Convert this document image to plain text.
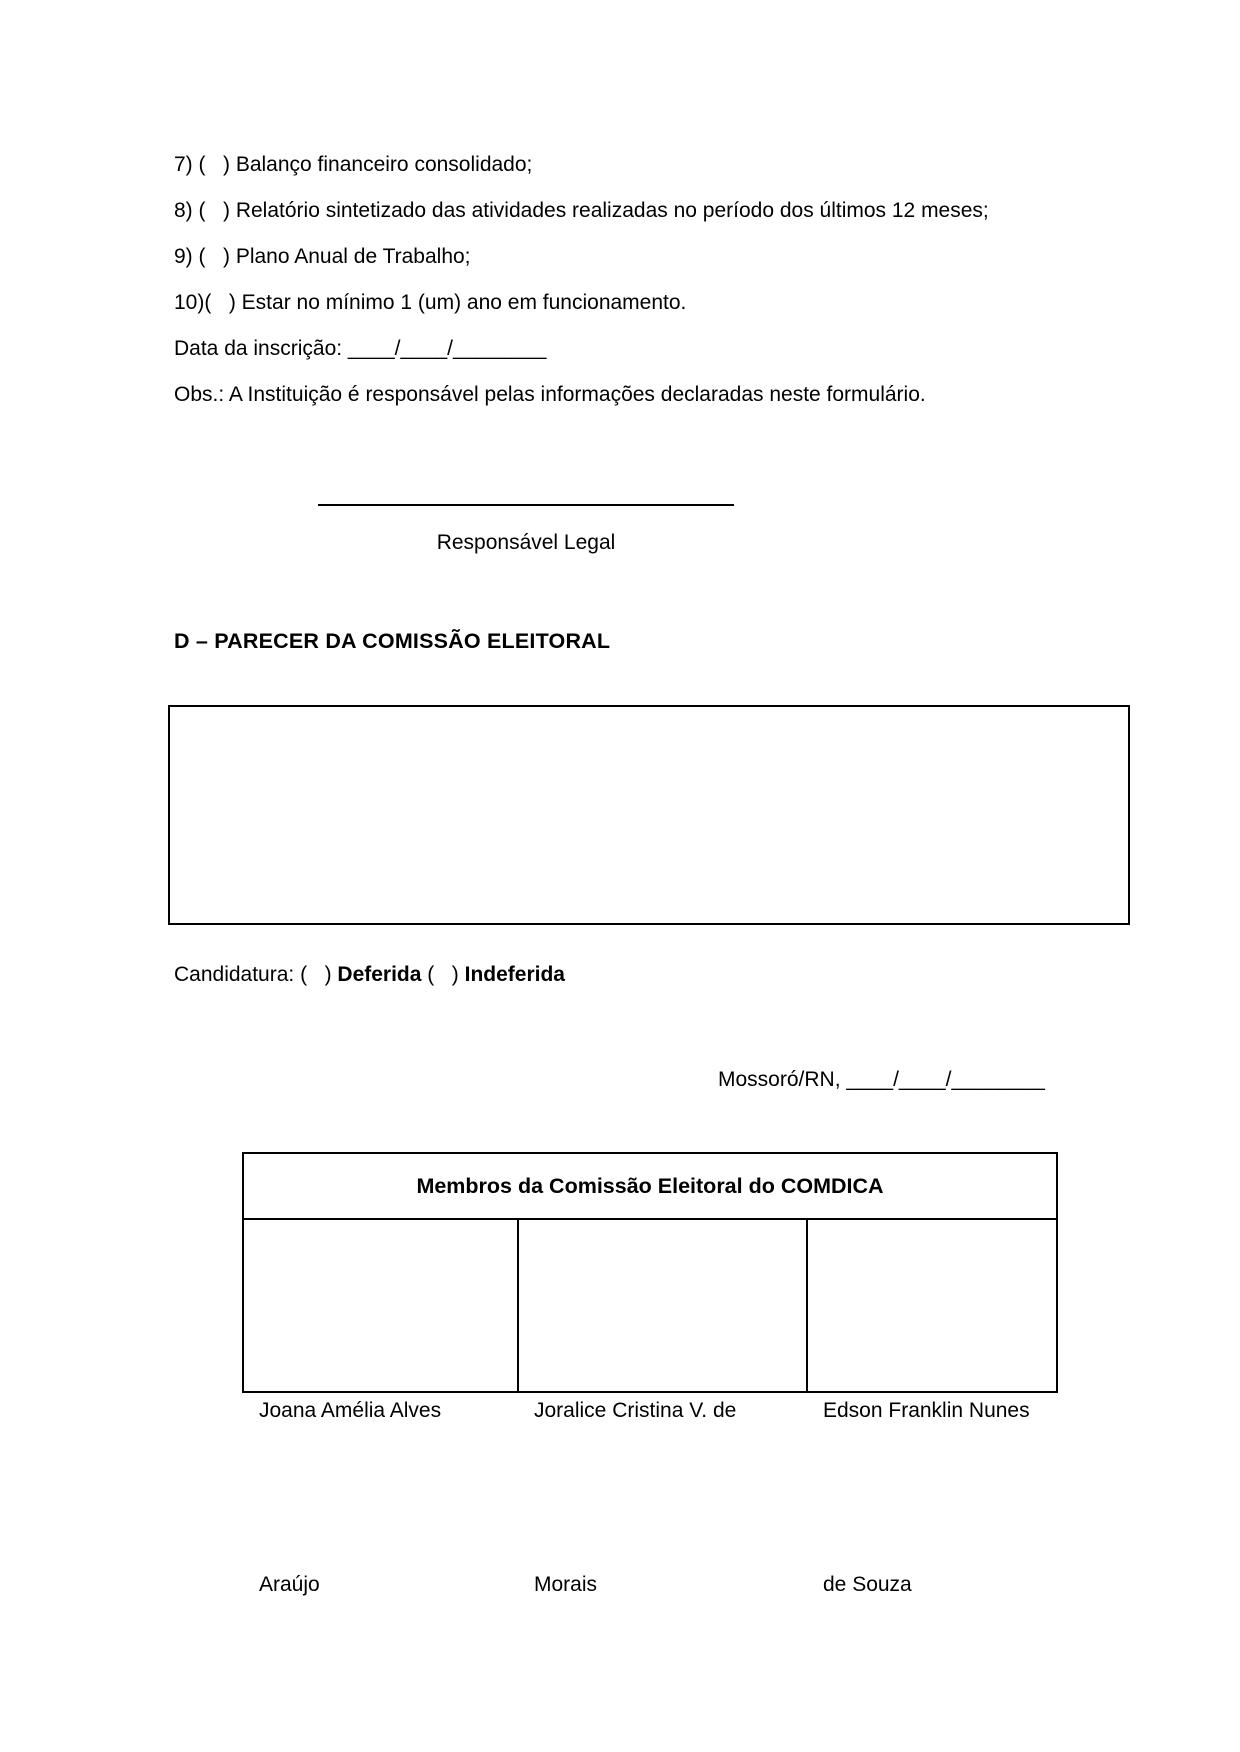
7) (   ) Balanço financeiro consolidado;
8) (   ) Relatório sintetizado das atividades realizadas no período dos últimos 12 meses;
9) (   ) Plano Anual de Trabalho;
10)(   ) Estar no mínimo 1 (um) ano em funcionamento.
Data da inscrição: ____/____/________
Obs.: A Instituição é responsável pelas informações declaradas neste formulário.
Responsável Legal
D – PARECER DA COMISSÃO ELEITORAL
Candidatura: (   ) Deferida (   ) Indeferida
Mossoró/RN, ____/____/________
Membros da Comissão Eleitoral do COMDICA

Joana Amélia Alves

Araújo

Joralice Cristina V. de

Morais

Edson Franklin Nunes

de Souza
